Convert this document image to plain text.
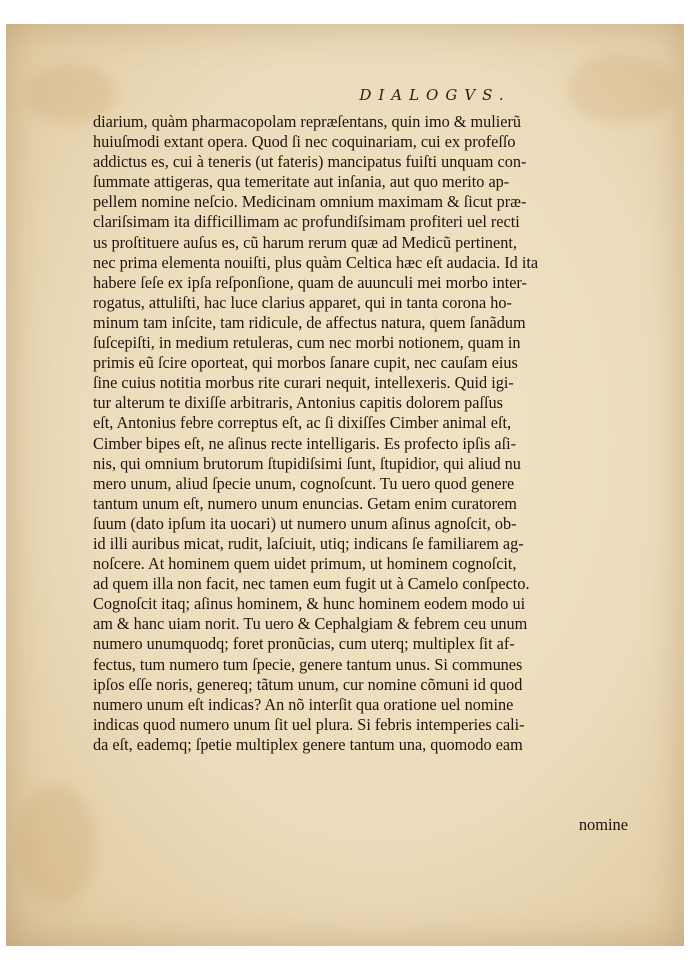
DIALOGVS.
diarium, quàm pharmacopolam repræſentans, quin imo & mulierũ
huiuſmodi extant opera. Quod ſi nec coquinariam, cui ex profeſſo
addictus es, cui à teneris (ut fateris) mancipatus fuiſti unquam con-
ſummate attigeras, qua temeritate aut inſania, aut quo merito ap-
pellem nomine neſcio. Medicinam omnium maximam & ſicut præ-
clariſsimam ita difficillimam ac profundiſsimam profiteri uel recti
us proſtituere auſus es, cũ harum rerum quæ ad Medicũ pertinent,
nec prima elementa nouiſti, plus quàm Celtica hæc eſt audacia. Id ita
habere ſeſe ex ipſa reſponſione, quam de auunculi mei morbo inter-
rogatus, attuliſti, hac luce clarius apparet, qui in tanta corona ho-
minum tam inſcite, tam ridicule, de affectus natura, quem ſanãdum
ſuſcepiſti, in medium retuleras, cum nec morbi notionem, quam in
primis eũ ſcire oporteat, qui morbos ſanare cupit, nec cauſam eius
ſine cuius notitia morbus rite curari nequit, intellexeris. Quid igi-
tur alterum te dixiſſe arbitraris, Antonius capitis dolorem paſſus
eſt, Antonius febre correptus eſt, ac ſi dixiſſes Cimber animal eſt,
Cimber bipes eſt, ne aſinus recte intelligaris. Es profecto ipſis aſi-
nis, qui omnium brutorum ſtupidiſsimi ſunt, ſtupidior, qui aliud nu
mero unum, aliud ſpecie unum, cognoſcunt. Tu uero quod genere
tantum unum eſt, numero unum enuncias. Getam enim curatorem
ſuum (dato ipſum ita uocari) ut numero unum aſinus agnoſcit, ob-
id illi auribus micat, rudit, laſciuit, utiq; indicans ſe familiarem ag-
noſcere. At hominem quem uidet primum, ut hominem cognoſcit,
ad quem illa non facit, nec tamen eum fugit ut à Camelo conſpecto.
Cognoſcit itaq; aſinus hominem, & hunc hominem eodem modo ui
am & hanc uiam norit. Tu uero & Cephalgiam & febrem ceu unum
numero unumquodq; foret pronũcias, cum uterq; multiplex ſit af-
fectus, tum numero tum ſpecie, genere tantum unus. Si communes
ipſos eſſe noris, genereq; tãtum unum, cur nomine cõmuni id quod
numero unum eſt indicas? An nõ interſit qua oratione uel nomine
indicas quod numero unum ſit uel plura. Si febris intemperies cali-
da eſt, eademq; ſpetie multiplex genere tantum una, quomodo eam
nomine
